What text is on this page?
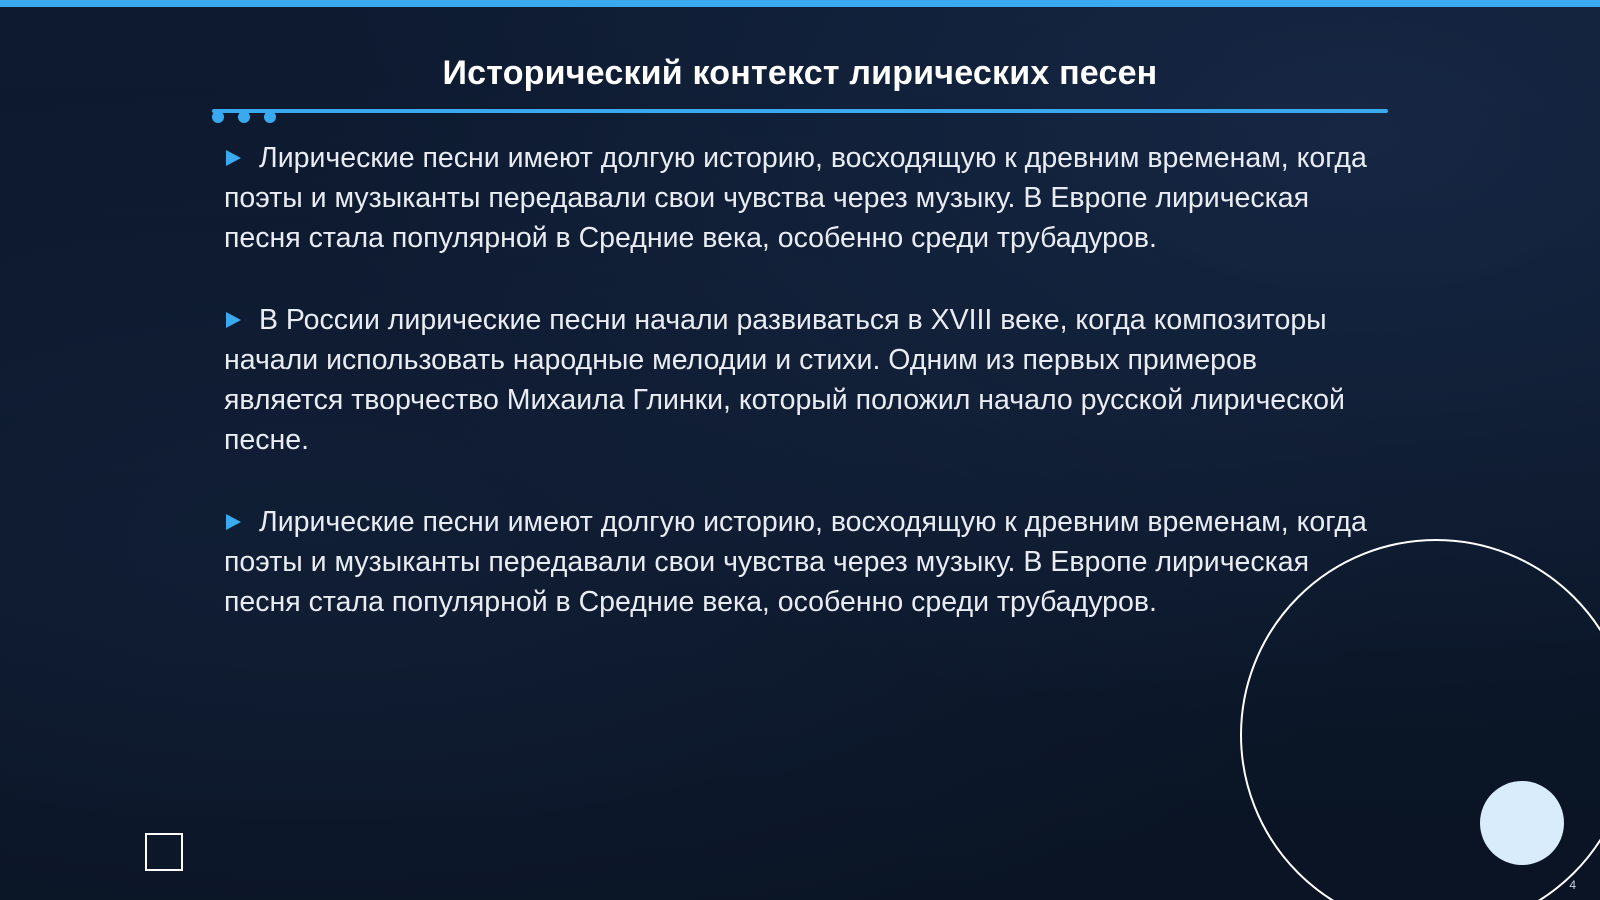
Исторический контекст лирических песен
Лирические песни имеют долгую историю, восходящую к древним временам, когда поэты и музыканты передавали свои чувства через музыку. В Европе лирическая песня стала популярной в Средние века, особенно среди трубадуров.
В России лирические песни начали развиваться в XVIII веке, когда композиторы начали использовать народные мелодии и стихи. Одним из первых примеров является творчество Михаила Глинки, который положил начало русской лирической песне.
Лирические песни имеют долгую историю, восходящую к древним временам, когда поэты и музыканты передавали свои чувства через музыку. В Европе лирическая песня стала популярной в Средние века, особенно среди трубадуров.
4
